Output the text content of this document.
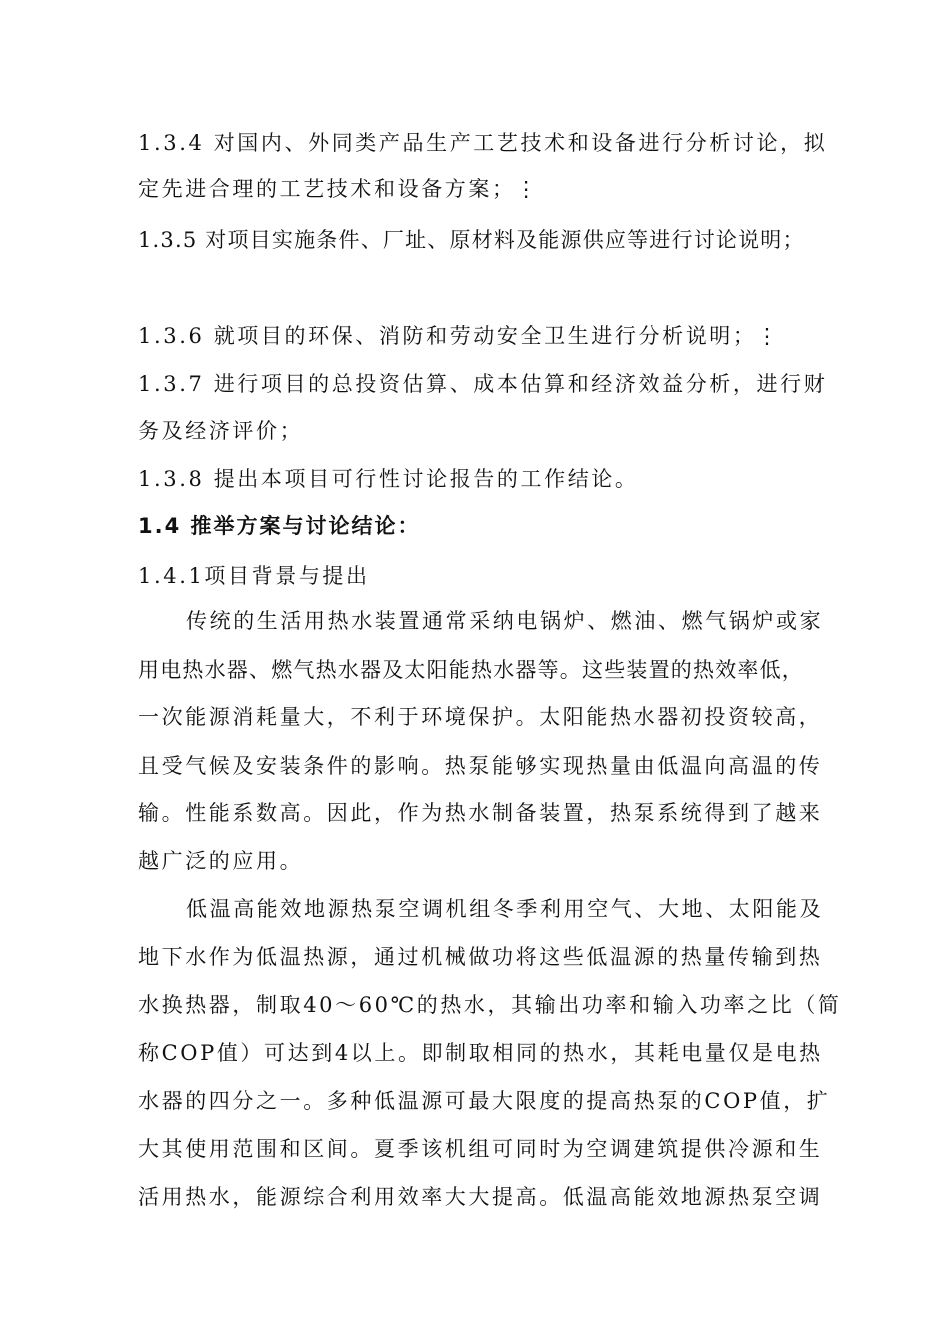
1.3.4 对国内、外同类产品生产工艺技术和设备进行分析讨论，拟
定先进合理的工艺技术和设备方案；⋮
1.3.5 对项目实施条件、厂址、原材料及能源供应等进行讨论说明；
1.3.6 就项目的环保、消防和劳动安全卫生进行分析说明；⋮
1.3.7 进行项目的总投资估算、成本估算和经济效益分析，进行财
务及经济评价；
1.3.8 提出本项目可行性讨论报告的工作结论。
1.4 推举方案与讨论结论：
1.4.1项目背景与提出
传统的生活用热水装置通常采纳电锅炉、燃油、燃气锅炉或家
用电热水器、燃气热水器及太阳能热水器等。这些装置的热效率低，
一次能源消耗量大，不利于环境保护。太阳能热水器初投资较高，
且受气候及安装条件的影响。热泵能够实现热量由低温向高温的传
输。性能系数高。因此，作为热水制备装置，热泵系统得到了越来
越广泛的应用。
低温高能效地源热泵空调机组冬季利用空气、大地、太阳能及
地下水作为低温热源，通过机械做功将这些低温源的热量传输到热
水换热器，制取40～60℃的热水，其输出功率和输入功率之比（简
称COP值）可达到4以上。即制取相同的热水，其耗电量仅是电热
水器的四分之一。多种低温源可最大限度的提高热泵的COP值，扩
大其使用范围和区间。夏季该机组可同时为空调建筑提供冷源和生
活用热水，能源综合利用效率大大提高。低温高能效地源热泵空调
